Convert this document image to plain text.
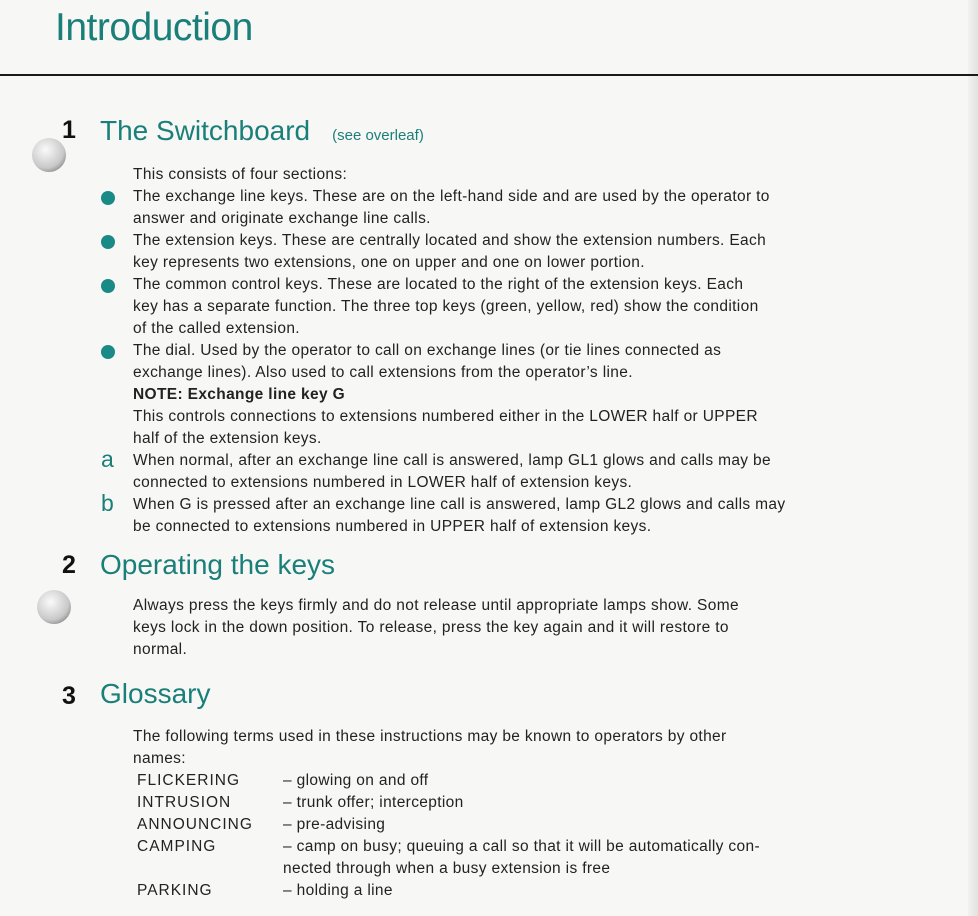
Introduction
1 The Switchboard (see overleaf)
This consists of four sections:
2 Operating the keys
3 Glossary
The exchange line keys. These are on the left-hand side and are used by the operator to
answer and originate exchange line calls.
The extension keys. These are centrally located and show the extension numbers. Each
key represents two extensions, one on upper and one on lower portion.
The common control keys. These are located to the right of the extension keys. Each
key has a separate function. The three top keys (green, yellow, red) show the condition
of the called extension.
The dial. Used by the operator to call on exchange lines (or tie lines connected as
exchange lines). Also used to call extensions from the operator’s line.
NOTE: Exchange line key G
This controls connections to extensions numbered either in the LOWER half or UPPER
half of the extension keys.
a When normal, after an exchange line call is answered, lamp GL1 glows and calls may be
connected to extensions numbered in LOWER half of extension keys.
b When G is pressed after an exchange line call is answered, lamp GL2 glows and calls may
be connected to extensions numbered in UPPER half of extension keys.
Always press the keys firmly and do not release until appropriate lamps show. Some
keys lock in the down position. To release, press the key again and it will restore to
normal.
The following terms used in these instructions may be known to operators by other
names:
FLICKERING	– glowing on and off
INTRUSION	– trunk offer; interception
ANNOUNCING – pre-advising
CAMPING	– camp on busy; queuing a call so that it will be automatically con-
nected through when a busy extension is free
PARKING	– holding a line
